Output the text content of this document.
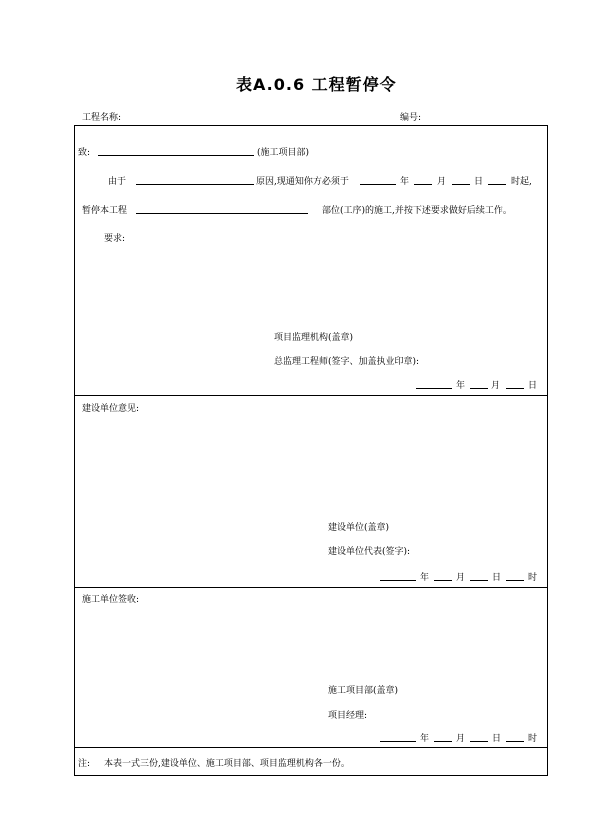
表A.0.6 工程暂停令
工程名称:	编号:
致:	(施工项目部)
由于	原因,现通知你方必须于	年	月	日	时起,
暂停本工程	部位(工序)的施工,并按下述要求做好后续工作。
要求:
项目监理机构(盖章)
总监理工程师(签字、加盖执业印章):
年	月	日
建设单位意见:
建设单位(盖章)
建设单位代表(签字):
年	月	日	时
施工单位签收:
施工项目部(盖章)
项目经理:
年	月	日	时
注: 本表一式三份,建设单位、施工项目部、项目监理机构各一份。
